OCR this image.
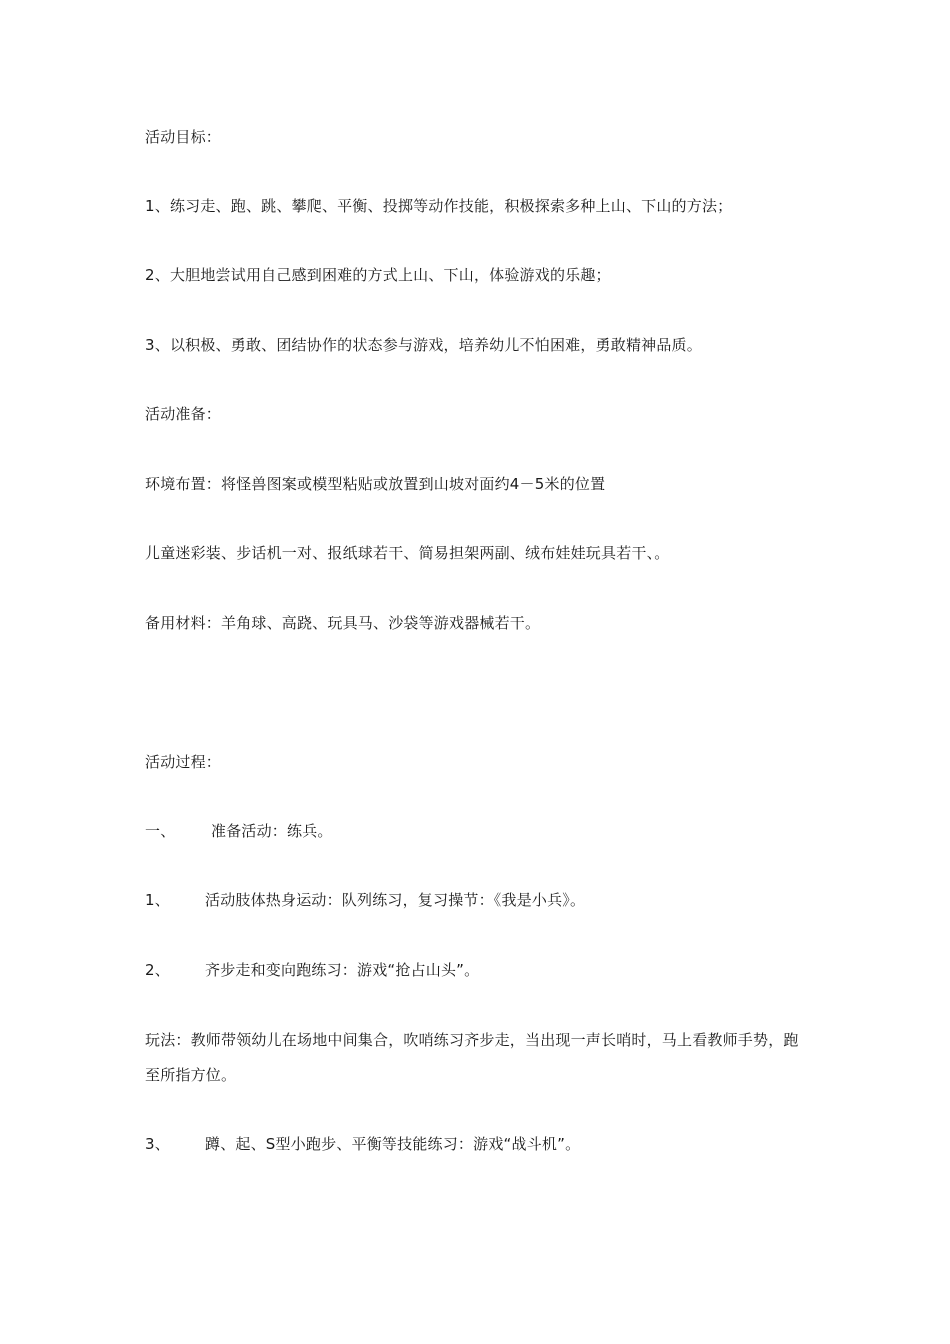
活动目标：
1、练习走、跑、跳、攀爬、平衡、投掷等动作技能，积极探索多种上山、下山的方法；
2、大胆地尝试用自己感到困难的方式上山、下山，体验游戏的乐趣；
3、以积极、勇敢、团结协作的状态参与游戏，培养幼儿不怕困难，勇敢精神品质。
活动准备：
环境布置：将怪兽图案或模型粘贴或放置到山坡对面约4－5米的位置
儿童迷彩装、步话机一对、报纸球若干、简易担架两副、绒布娃娃玩具若干、。
备用材料：羊角球、高跷、玩具马、沙袋等游戏器械若干。
活动过程：
一、 准备活动：练兵。
1、 活动肢体热身运动：队列练习，复习操节：《我是小兵》。
2、 齐步走和变向跑练习：游戏“抢占山头”。
玩法：教师带领幼儿在场地中间集合，吹哨练习齐步走，当出现一声长哨时，马上看教师手势，跑至所指方位。
3、 蹲、起、S型小跑步、平衡等技能练习：游戏“战斗机”。
